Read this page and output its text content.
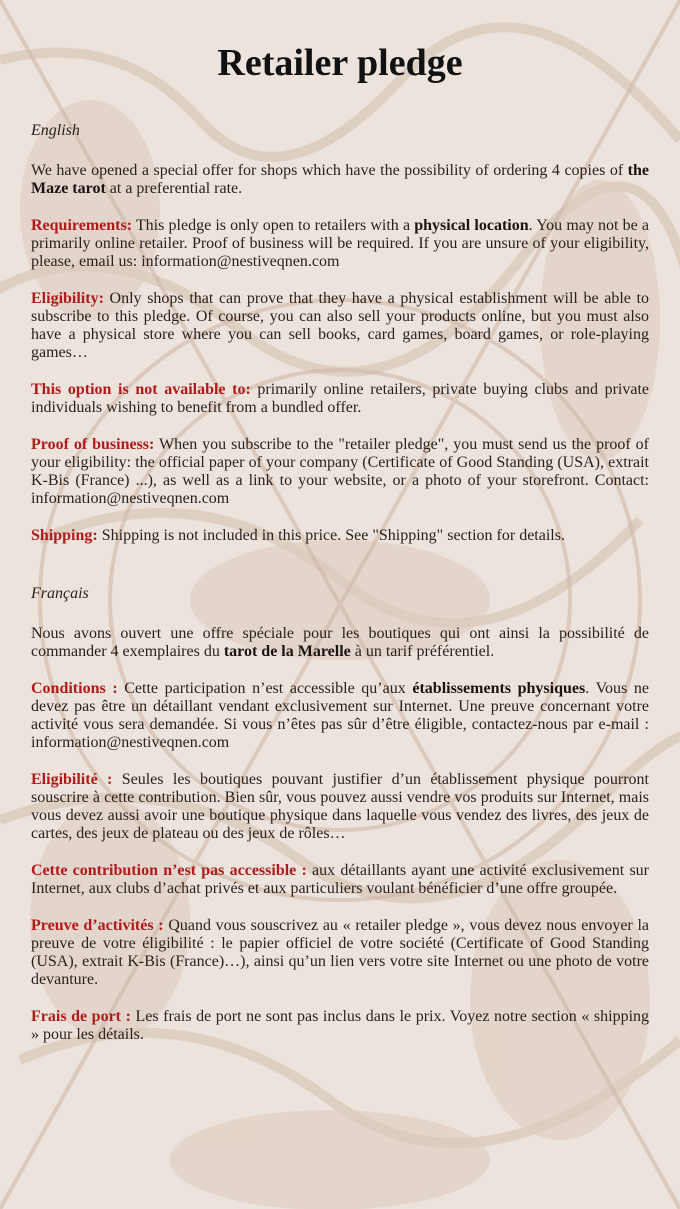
Retailer pledge
English

We have opened a special offer for shops which have the possibility of ordering 4 copies of the Maze tarot at a preferential rate.

Requirements: This pledge is only open to retailers with a physical location. You may not be a primarily online retailer. Proof of business will be required. If you are unsure of your eligibility, please, email us: information@nestiveqnen.com

Eligibility: Only shops that can prove that they have a physical establishment will be able to subscribe to this pledge. Of course, you can also sell your products online, but you must also have a physical store where you can sell books, card games, board games, or role-playing games…

This option is not available to: primarily online retailers, private buying clubs and private individuals wishing to benefit from a bundled offer.

Proof of business: When you subscribe to the "retailer pledge", you must send us the proof of your eligibility: the official paper of your company (Certificate of Good Standing (USA), extrait K-Bis (France) ...), as well as a link to your website, or a photo of your storefront. Contact: information@nestiveqnen.com

Shipping: Shipping is not included in this price. See "Shipping" section for details.

Français

Nous avons ouvert une offre spéciale pour les boutiques qui ont ainsi la possibilité de commander 4 exemplaires du tarot de la Marelle à un tarif préférentiel.

Conditions : Cette participation n’est accessible qu’aux établissements physiques. Vous ne devez pas être un détaillant vendant exclusivement sur Internet. Une preuve concernant votre activité vous sera demandée. Si vous n’êtes pas sûr d’être éligible, contactez-nous par e-mail : information@nestiveqnen.com

Eligibilité : Seules les boutiques pouvant justifier d’un établissement physique pourront souscrire à cette contribution. Bien sûr, vous pouvez aussi vendre vos produits sur Internet, mais vous devez aussi avoir une boutique physique dans laquelle vous vendez des livres, des jeux de cartes, des jeux de plateau ou des jeux de rôles…

Cette contribution n’est pas accessible : aux détaillants ayant une activité exclusivement sur Internet, aux clubs d’achat privés et aux particuliers voulant bénéficier d’une offre groupée.

Preuve d’activités : Quand vous souscrivez au « retailer pledge », vous devez nous envoyer la preuve de votre éligibilité : le papier officiel de votre société (Certificate of Good Standing (USA), extrait K-Bis (France)…), ainsi qu’un lien vers votre site Internet ou une photo de votre devanture.

Frais de port : Les frais de port ne sont pas inclus dans le prix. Voyez notre section « shipping » pour les détails.
